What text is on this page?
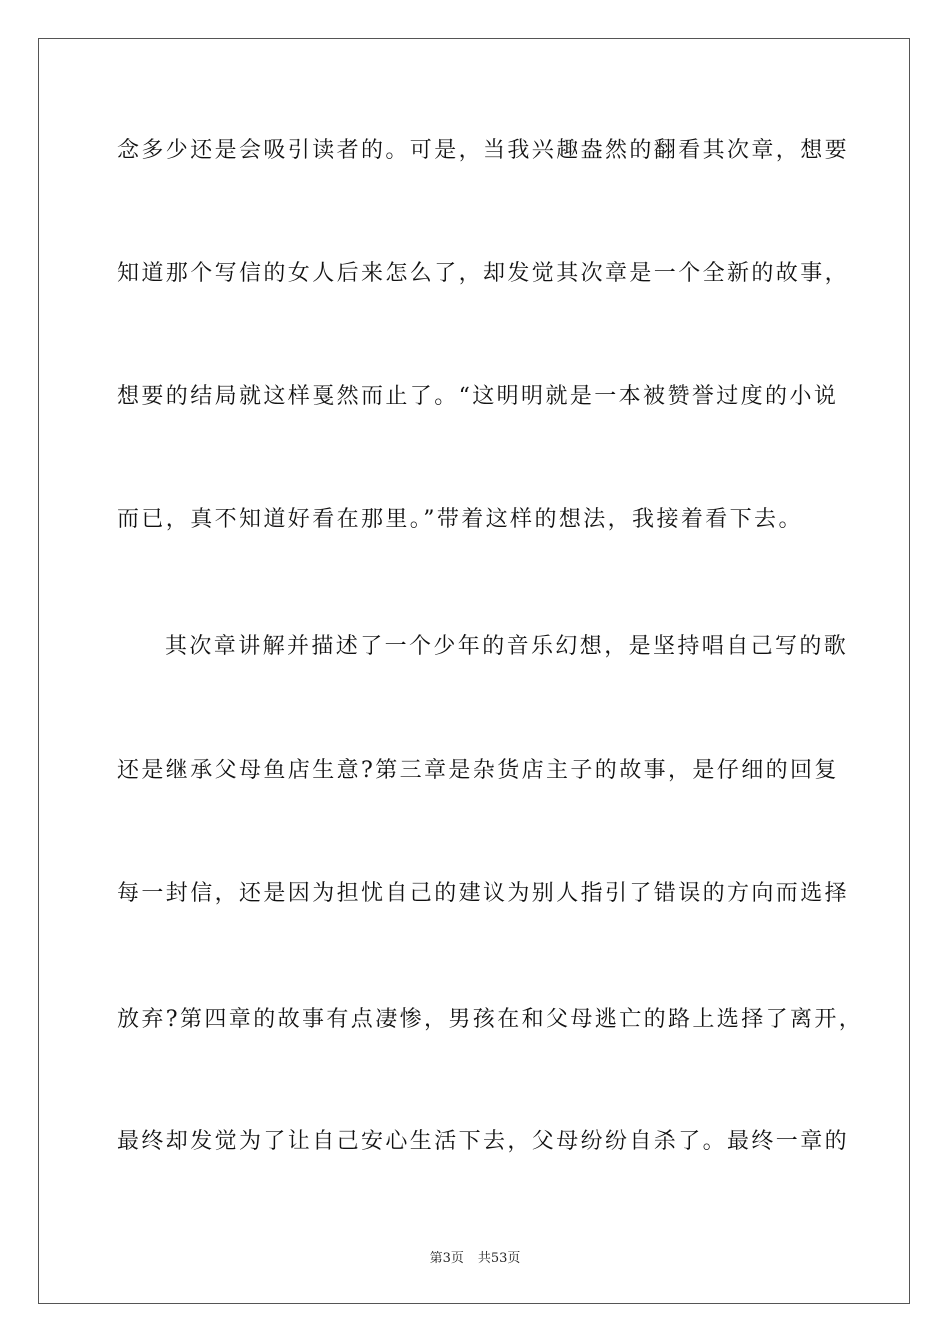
念多少还是会吸引读者的。可是，当我兴趣盎然的翻看其次章，想要
知道那个写信的女人后来怎么了，却发觉其次章是一个全新的故事，
想要的结局就这样戛然而止了。“这明明就是一本被赞誉过度的小说
而已，真不知道好看在那里。”带着这样的想法，我接着看下去。
其次章讲解并描述了一个少年的音乐幻想，是坚持唱自己写的歌
还是继承父母鱼店生意?第三章是杂货店主子的故事，是仔细的回复
每一封信，还是因为担忧自己的建议为别人指引了错误的方向而选择
放弃?第四章的故事有点凄惨，男孩在和父母逃亡的路上选择了离开，
最终却发觉为了让自己安心生活下去，父母纷纷自杀了。最终一章的
第3页 共53页
